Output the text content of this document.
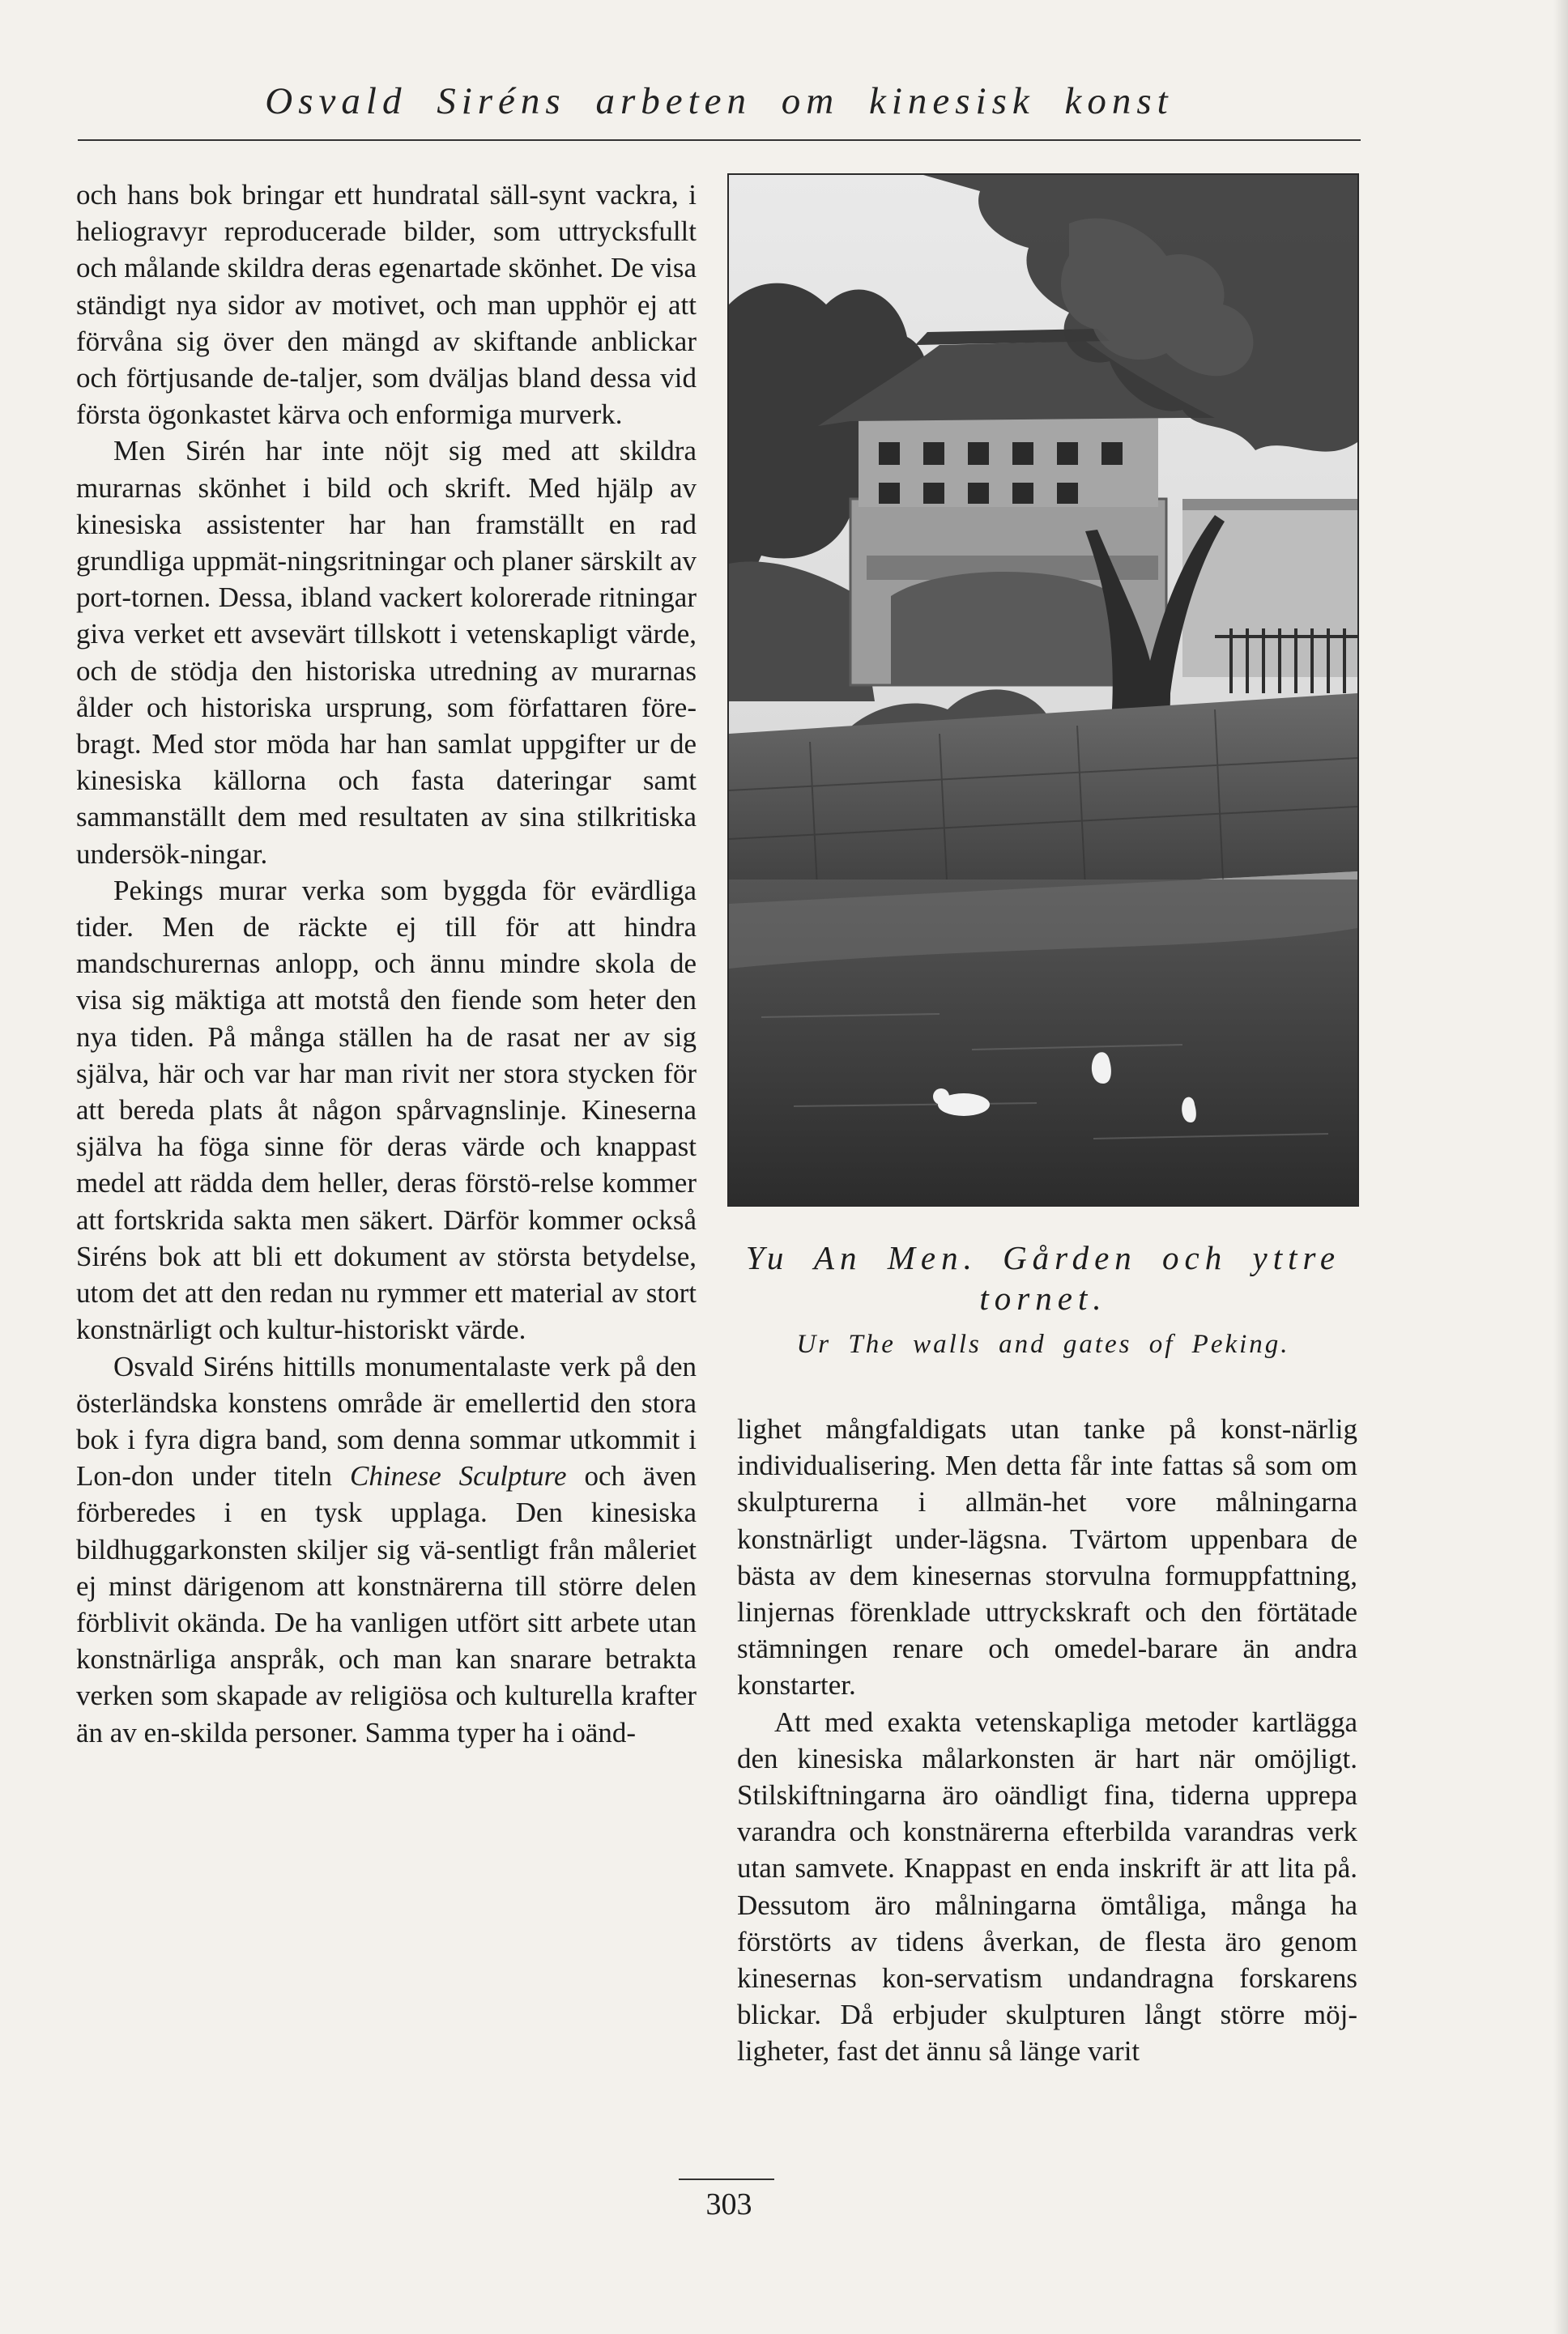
Osvald Siréns arbeten om kinesisk konst

och hans bok bringar ett hundratal säll-synt vackra, i heliogravyr reproducerade bilder, som uttrycksfullt och målande skildra deras egenartade skönhet. De visa ständigt nya sidor av motivet, och man upphör ej att förvåna sig över den mängd av skiftande anblickar och förtjusande de-taljer, som dväljas bland dessa vid första ögonkastet kärva och enformiga murverk.

Men Sirén har inte nöjt sig med att skildra murarnas skönhet i bild och skrift. Med hjälp av kinesiska assistenter har han framställt en rad grundliga uppmät-ningsritningar och planer särskilt av port-tornen. Dessa, ibland vackert kolorerade ritningar giva verket ett avsevärt tillskott i vetenskapligt värde, och de stödja den historiska utredning av murarnas ålder och historiska ursprung, som författaren före-bragt. Med stor möda har han samlat uppgifter ur de kinesiska källorna och fasta dateringar samt sammanställt dem med resultaten av sina stilkritiska undersök-ningar.

Pekings murar verka som byggda för evärdliga tider. Men de räckte ej till för att hindra mandschurernas anlopp, och ännu mindre skola de visa sig mäktiga att motstå den fiende som heter den nya tiden. På många ställen ha de rasat ner av sig själva, här och var har man rivit ner stora stycken för att bereda plats åt någon spårvagnslinje. Kineserna själva ha föga sinne för deras värde och knappast medel att rädda dem heller, deras förstö-relse kommer att fortskrida sakta men säkert. Därför kommer också Siréns bok att bli ett dokument av största betydelse, utom det att den redan nu rymmer ett material av stort konstnärligt och kultur-historiskt värde.

Osvald Siréns hittills monumentalaste verk på den österländska konstens område är emellertid den stora bok i fyra digra band, som denna sommar utkommit i Lon-don under titeln Chinese Sculpture och även förberedes i en tysk upplaga. Den kinesiska bildhuggarkonsten skiljer sig vä-sentligt från måleriet ej minst därigenom att konstnärerna till större delen förblivit okända. De ha vanligen utfört sitt arbete utan konstnärliga anspråk, och man kan snarare betrakta verken som skapade av religiösa och kulturella krafter än av en-skilda personer. Samma typer ha i oänd-

Yu An Men. Gården och yttre tornet.
Ur The walls and gates of Peking.

lighet mångfaldigats utan tanke på konst-närlig individualisering. Men detta får inte fattas så som om skulpturerna i allmän-het vore målningarna konstnärligt under-lägsna. Tvärtom uppenbara de bästa av dem kinesernas storvulna formuppfattning, linjernas förenklade uttryckskraft och den förtätade stämningen renare och omedel-barare än andra konstarter.

Att med exakta vetenskapliga metoder kartlägga den kinesiska målarkonsten är hart när omöjligt. Stilskiftningarna äro oändligt fina, tiderna upprepa varandra och konstnärerna efterbilda varandras verk utan samvete. Knappast en enda inskrift är att lita på. Dessutom äro målningarna ömtåliga, många ha förstörts av tidens åverkan, de flesta äro genom kinesernas kon-servatism undandragna forskarens blickar. Då erbjuder skulpturen långt större möj-ligheter, fast det ännu så länge varit

303
